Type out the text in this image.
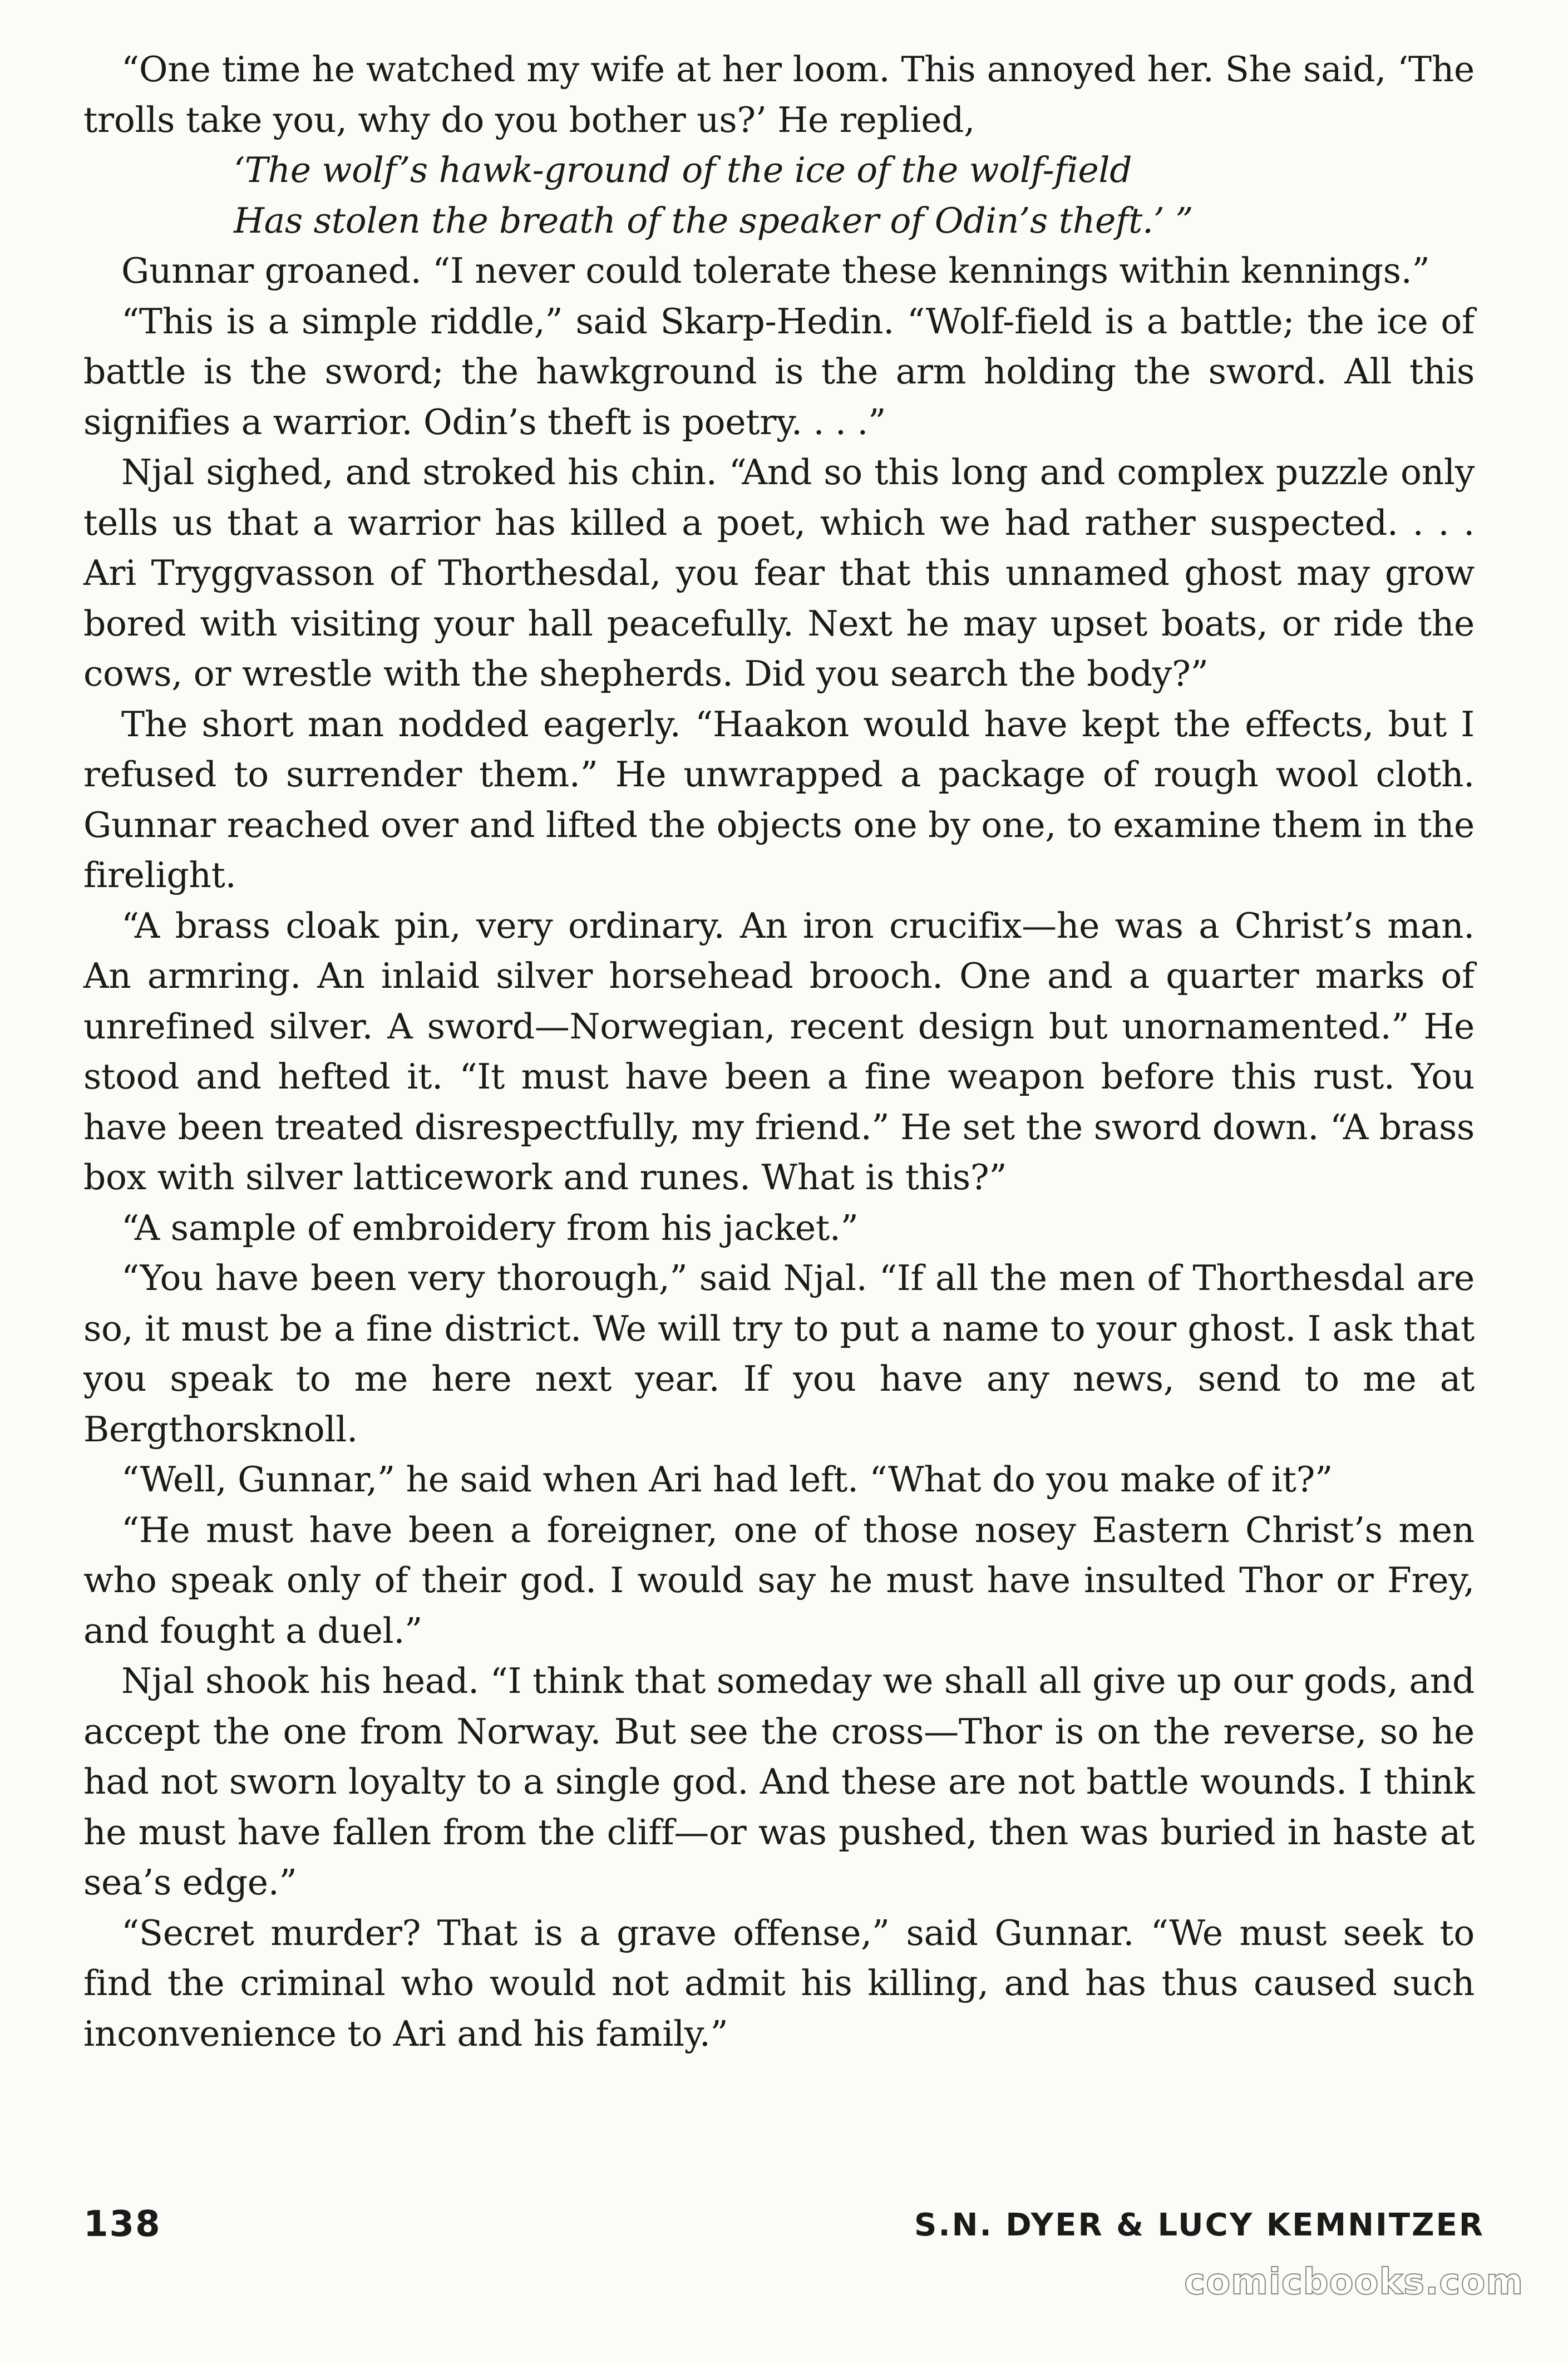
“One time he watched my wife at her loom. This annoyed her. She said, ‘The trolls take you, why do you bother us?’ He replied,

‘The wolf’s hawk-ground of the ice of the wolf-field

Has stolen the breath of the speaker of Odin’s theft.’ ”

Gunnar groaned. “I never could tolerate these kennings within kennings.”

“This is a simple riddle,” said Skarp-Hedin. “Wolf-field is a battle; the ice of battle is the sword; the hawkground is the arm holding the sword. All this signifies a warrior. Odin’s theft is poetry. . . .”

Njal sighed, and stroked his chin. “And so this long and complex puzzle only tells us that a warrior has killed a poet, which we had rather suspected. . . . Ari Tryggvasson of Thorthesdal, you fear that this unnamed ghost may grow bored with visiting your hall peacefully. Next he may upset boats, or ride the cows, or wrestle with the shepherds. Did you search the body?”

The short man nodded eagerly. “Haakon would have kept the effects, but I refused to surrender them.” He unwrapped a package of rough wool cloth. Gunnar reached over and lifted the objects one by one, to examine them in the firelight.

“A brass cloak pin, very ordinary. An iron crucifix—he was a Christ’s man. An armring. An inlaid silver horsehead brooch. One and a quarter marks of unrefined silver. A sword—Norwegian, recent design but unornamented.” He stood and hefted it. “It must have been a fine weapon before this rust. You have been treated disrespectfully, my friend.” He set the sword down. “A brass box with silver latticework and runes. What is this?”

“A sample of embroidery from his jacket.”

“You have been very thorough,” said Njal. “If all the men of Thorthesdal are so, it must be a fine district. We will try to put a name to your ghost. I ask that you speak to me here next year. If you have any news, send to me at Bergthorsknoll.

“Well, Gunnar,” he said when Ari had left. “What do you make of it?”

“He must have been a foreigner, one of those nosey Eastern Christ’s men who speak only of their god. I would say he must have insulted Thor or Frey, and fought a duel.”

Njal shook his head. “I think that someday we shall all give up our gods, and accept the one from Norway. But see the cross—Thor is on the reverse, so he had not sworn loyalty to a single god. And these are not battle wounds. I think he must have fallen from the cliff—or was pushed, then was buried in haste at sea’s edge.”

“Secret murder? That is a grave offense,” said Gunnar. “We must seek to find the criminal who would not admit his killing, and has thus caused such inconvenience to Ari and his family.”

138	S.N. DYER & LUCY KEMNITZER
comicbooks.com
